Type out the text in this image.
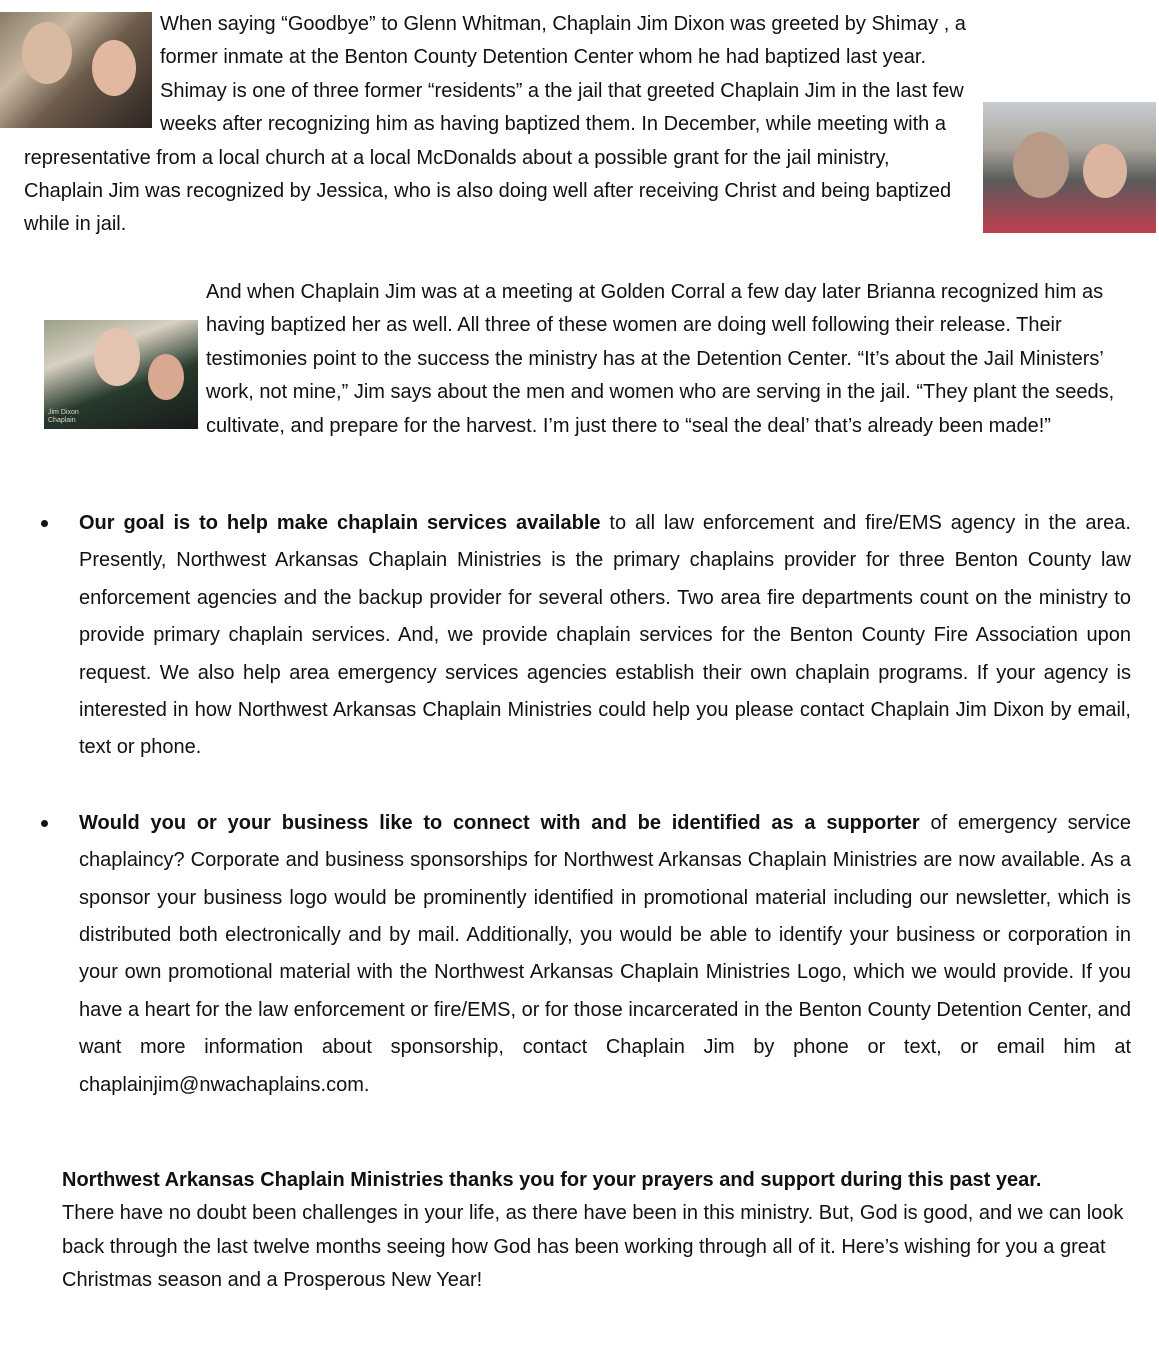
When saying “Goodbye” to Glenn Whitman, Chaplain Jim Dixon was greeted by Shimay , a former inmate at the Benton County Detention Center whom he had baptized last year. Shimay is one of three former “residents” a the jail that greeted Chaplain Jim in the last few weeks after recognizing him as having baptized them. In December, while meeting with a representative from a local church at a local McDonalds about a possible grant for the jail ministry, Chaplain Jim was recognized by Jessica, who is also doing well after receiving Christ and being baptized while in jail.
Jim Dixon Chaplain
And when Chaplain Jim was at a meeting at Golden Corral a few day later Brianna recognized him as having baptized her as well. All three of these women are doing well following their release. Their testimonies point to the success the ministry has at the Detention Center. “It’s about the Jail Ministers’ work, not mine,” Jim says about the men and women who are serving in the jail. “They plant the seeds, cultivate, and prepare for the harvest. I’m just there to “seal the deal’ that’s already been made!”
Our goal is to help make chaplain services available to all law enforcement and fire/EMS agency in the area. Presently, Northwest Arkansas Chaplain Ministries is the primary chaplains provider for three Benton County law enforcement agencies and the backup provider for several others. Two area fire departments count on the ministry to provide primary chaplain services. And, we provide chaplain services for the Benton County Fire Association upon request. We also help area emergency services agencies establish their own chaplain programs. If your agency is interested in how Northwest Arkansas Chaplain Ministries could help you please contact Chaplain Jim Dixon by email, text or phone.
Would you or your business like to connect with and be identified as a supporter of emergency service chaplaincy? Corporate and business sponsorships for Northwest Arkansas Chaplain Ministries are now available. As a sponsor your business logo would be prominently identified in promotional material including our newsletter, which is distributed both electronically and by mail. Additionally, you would be able to identify your business or corporation in your own promotional material with the Northwest Arkansas Chaplain Ministries Logo, which we would provide. If you have a heart for the law enforcement or fire/EMS, or for those incarcerated in the Benton County Detention Center, and want more information about sponsorship, contact Chaplain Jim by phone or text, or email him at chaplainjim@nwachaplains.com.
Northwest Arkansas Chaplain Ministries thanks you for your prayers and support during this past year.
There have no doubt been challenges in your life, as there have been in this ministry. But, God is good, and we can look back through the last twelve months seeing how God has been working through all of it. Here’s wishing for you a great Christmas season and a Prosperous New Year!
